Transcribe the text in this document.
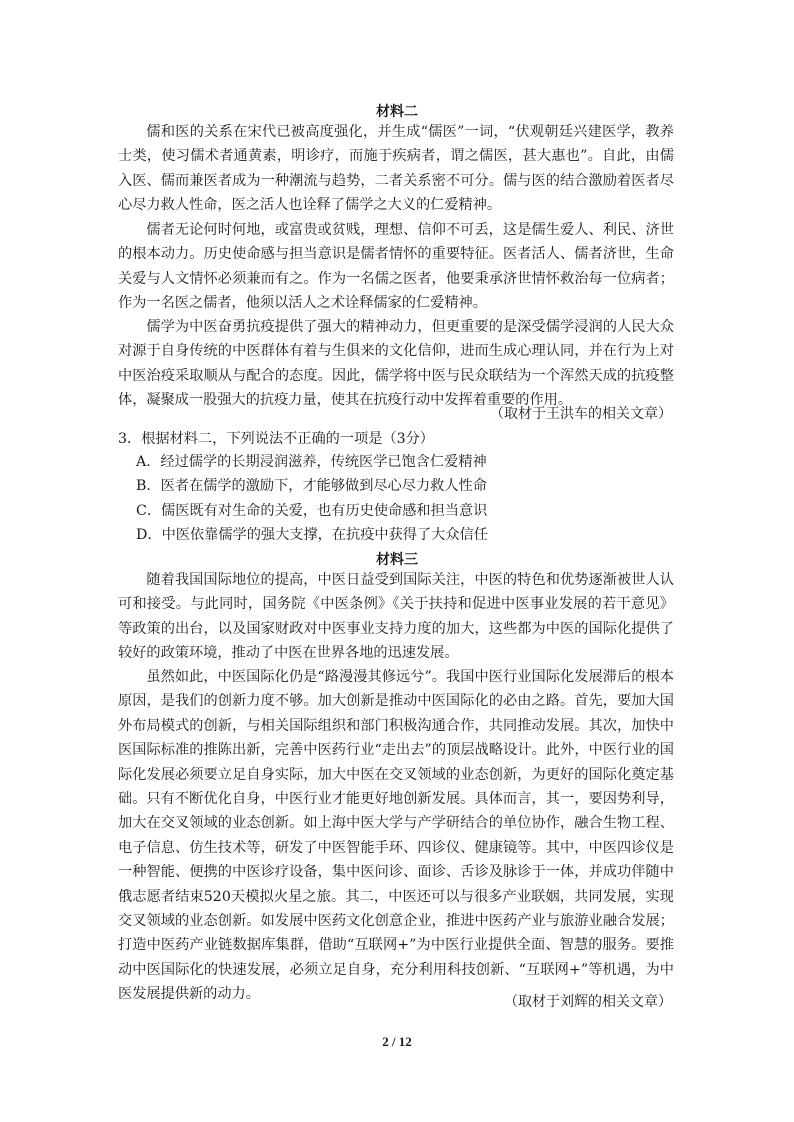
材料二

儒和医的关系在宋代已被高度强化，并生成“儒医”一词，“伏观朝廷兴建医学，教养士类，使习儒术者通黄素，明诊疗，而施于疾病者，谓之儒医，甚大惠也”。自此，由儒入医、儒而兼医者成为一种潮流与趋势，二者关系密不可分。儒与医的结合激励着医者尽心尽力救人性命，医之活人也诠释了儒学之大义的仁爱精神。

儒者无论何时何地，或富贵或贫贱，理想、信仰不可丢，这是儒生爱人、利民、济世的根本动力。历史使命感与担当意识是儒者情怀的重要特征。医者活人、儒者济世，生命关爱与人文情怀必须兼而有之。作为一名儒之医者，他要秉承济世情怀救治每一位病者；作为一名医之儒者，他须以活人之术诠释儒家的仁爱精神。

儒学为中医奋勇抗疫提供了强大的精神动力，但更重要的是深受儒学浸润的人民大众对源于自身传统的中医群体有着与生俱来的文化信仰，进而生成心理认同，并在行为上对中医治疫采取顺从与配合的态度。因此，儒学将中医与民众联结为一个浑然天成的抗疫整体，凝聚成一股强大的抗疫力量，使其在抗疫行动中发挥着重要的作用。

（取材于王洪车的相关文章）

3．根据材料二，下列说法不正确的一项是（3分）

A．经过儒学的长期浸润滋养，传统医学已饱含仁爱精神
B．医者在儒学的激励下，才能够做到尽心尽力救人性命
C．儒医既有对生命的关爱，也有历史使命感和担当意识
D．中医依靠儒学的强大支撑，在抗疫中获得了大众信任
材料三

随着我国国际地位的提高，中医日益受到国际关注，中医的特色和优势逐渐被世人认可和接受。与此同时，国务院《中医条例》《关于扶持和促进中医事业发展的若干意见》等政策的出台，以及国家财政对中医事业支持力度的加大，这些都为中医的国际化提供了较好的政策环境，推动了中医在世界各地的迅速发展。

虽然如此，中医国际化仍是“路漫漫其修远兮”。我国中医行业国际化发展滞后的根本原因，是我们的创新力度不够。加大创新是推动中医国际化的必由之路。首先，要加大国外布局模式的创新，与相关国际组织和部门积极沟通合作，共同推动发展。其次，加快中医国际标准的推陈出新，完善中医药行业“走出去”的顶层战略设计。此外，中医行业的国际化发展必须要立足自身实际，加大中医在交叉领域的业态创新，为更好的国际化奠定基础。 只有不断优化自身，中医行业才能更好地创新发展。具体而言，其一，要因势利导，加大在交叉领域的业态创新。如上海中医大学与产学研结合的单位协作，融合生物工程、电子信息、仿生技术等，研发了中医智能手环、四诊仪、健康镜等。其中，中医四诊仪是一种智能、便携的中医诊疗设备，集中医问诊、面诊、舌诊及脉诊于一体，并成功伴随中俄志愿者结束520天模拟火星之旅。其二，中医还可以与很多产业联姻，共同发展，实现交叉领域的业态创新。如发展中医药文化创意企业，推进中医药产业与旅游业融合发展；打造中医药产业链数据库集群，借助“互联网+”为中医行业提供全面、智慧的服务。要推动中医国际化的快速发展，必须立足自身，充分利用科技创新、“互联网+”等机遇，为中医发展提供新的动力。	（取材于刘辉的相关文章）

2 / 12
